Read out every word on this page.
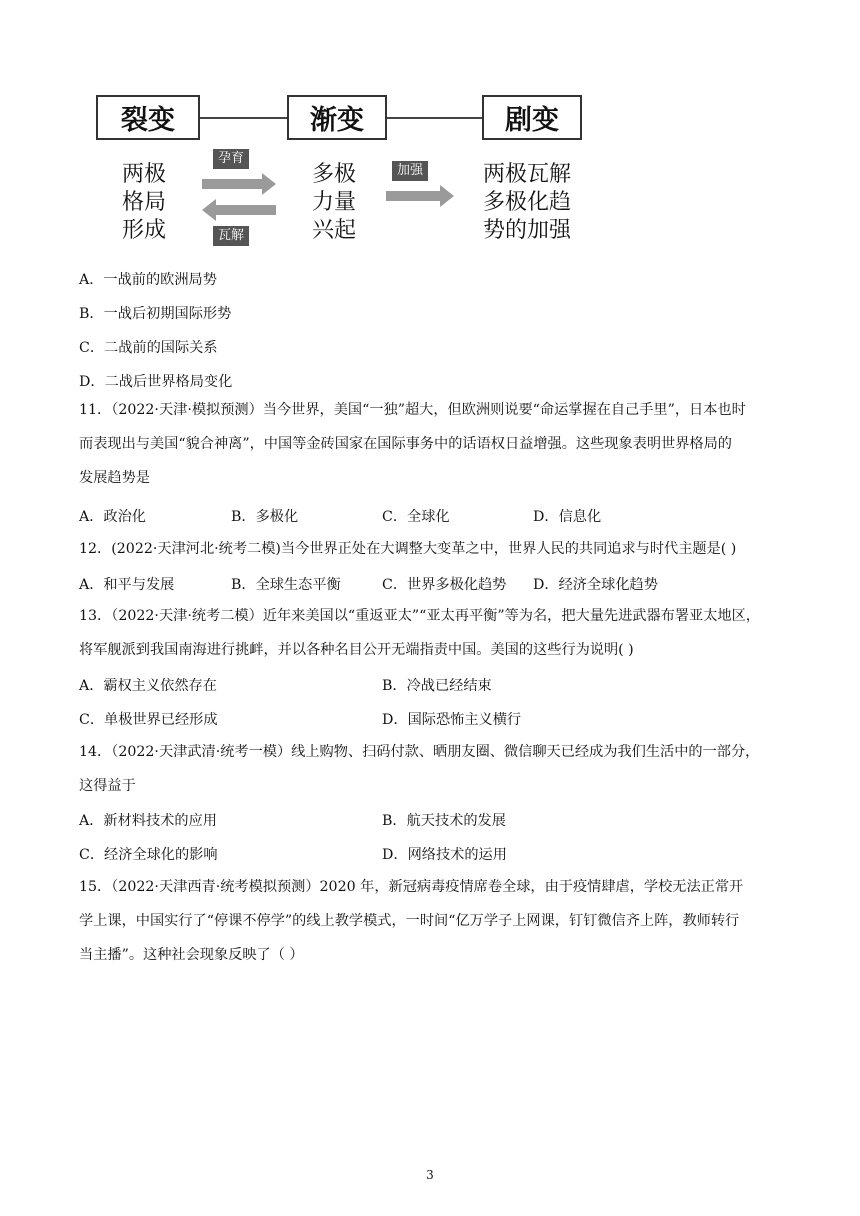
裂变	渐变	剧变
两极
格局
形成
孕育
瓦解
多极
力量
兴起
加强	两极瓦解
多极化趋
势的加强
A．一战前的欧洲局势
B．一战后初期国际形势
C．二战前的国际关系
D．二战后世界格局变化
11．（2022·天津·模拟预测）当今世界，美国“一独”超大，但欧洲则说要“命运掌握在自己手里”，日本也时
而表现出与美国“貌合神离”，中国等金砖国家在国际事务中的话语权日益增强。这些现象表明世界格局的
发展趋势是
A．政治化	B．多极化	C．全球化	D．信息化
12．(2022·天津河北·统考二模)当今世界正处在大调整大变革之中，世界人民的共同追求与时代主题是( )
A．和平与发展	B．全球生态平衡	C．世界多极化趋势 D．经济全球化趋势
13．（2022·天津·统考二模）近年来美国以“重返亚太”“亚太再平衡”等为名，把大量先进武器布署亚太地区，
将军舰派到我国南海进行挑衅，并以各种名目公开无端指责中国。美国的这些行为说明( )
A．霸权主义依然存在	B．冷战已经结束
C．单极世界已经形成	D．国际恐怖主义横行
14．（2022·天津武清·统考一模）线上购物、扫码付款、晒朋友圈、微信聊天已经成为我们生活中的一部分，
这得益于
A．新材料技术的应用	B．航天技术的发展
C．经济全球化的影响	D．网络技术的运用
15．（2022·天津西青·统考模拟预测）2020 年，新冠病毒疫情席卷全球，由于疫情肆虐，学校无法正常开
学上课，中国实行了“停课不停学”的线上教学模式，一时间“亿万学子上网课，钉钉微信齐上阵，教师转行
当主播”。这种社会现象反映了（ ）
3
